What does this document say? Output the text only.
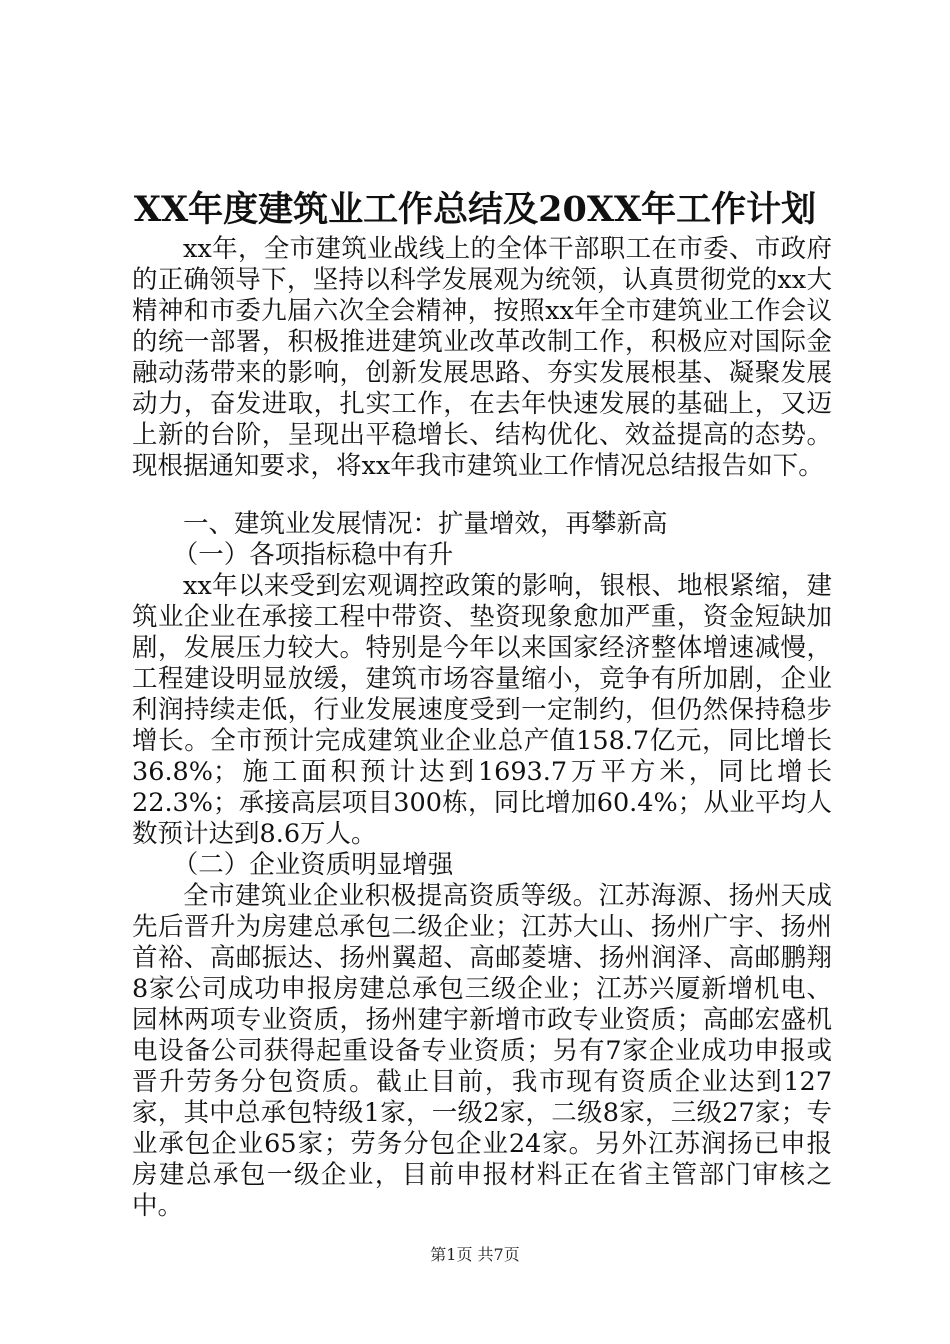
XX年度建筑业工作总结及20XX年工作计划

xx年，全市建筑业战线上的全体干部职工在市委、市政府的正确领导下，坚持以科学发展观为统领，认真贯彻党的xx大精神和市委九届六次全会精神，按照xx年全市建筑业工作会议的统一部署，积极推进建筑业改革改制工作，积极应对国际金融动荡带来的影响，创新发展思路、夯实发展根基、凝聚发展动力，奋发进取，扎实工作，在去年快速发展的基础上，又迈上新的台阶，呈现出平稳增长、结构优化、效益提高的态势。现根据通知要求，将xx年我市建筑业工作情况总结报告如下。

一、建筑业发展情况：扩量增效，再攀新高

（一）各项指标稳中有升

xx年以来受到宏观调控政策的影响，银根、地根紧缩，建筑业企业在承接工程中带资、垫资现象愈加严重，资金短缺加剧，发展压力较大。特别是今年以来国家经济整体增速减慢，工程建设明显放缓，建筑市场容量缩小，竞争有所加剧，企业利润持续走低，行业发展速度受到一定制约，但仍然保持稳步增长。全市预计完成建筑业企业总产值158.7亿元，同比增长36.8%；施工面积预计达到1693.7万平方米，同比增长22.3%；承接高层项目300栋，同比增加60.4%；从业平均人数预计达到8.6万人。

（二）企业资质明显增强

全市建筑业企业积极提高资质等级。江苏海源、扬州天成先后晋升为房建总承包二级企业；江苏大山、扬州广宇、扬州首裕、高邮振达、扬州翼超、高邮菱塘、扬州润泽、高邮鹏翔8家公司成功申报房建总承包三级企业；江苏兴厦新增机电、园林两项专业资质，扬州建宇新增市政专业资质；高邮宏盛机电设备公司获得起重设备专业资质；另有7家企业成功申报或晋升劳务分包资质。截止目前，我市现有资质企业达到127家，其中总承包特级1家，一级2家，二级8家，三级27家；专业承包企业65家；劳务分包企业24家。另外江苏润扬已申报房建总承包一级企业，目前申报材料正在省主管部门审核之中。

第1页 共7页
